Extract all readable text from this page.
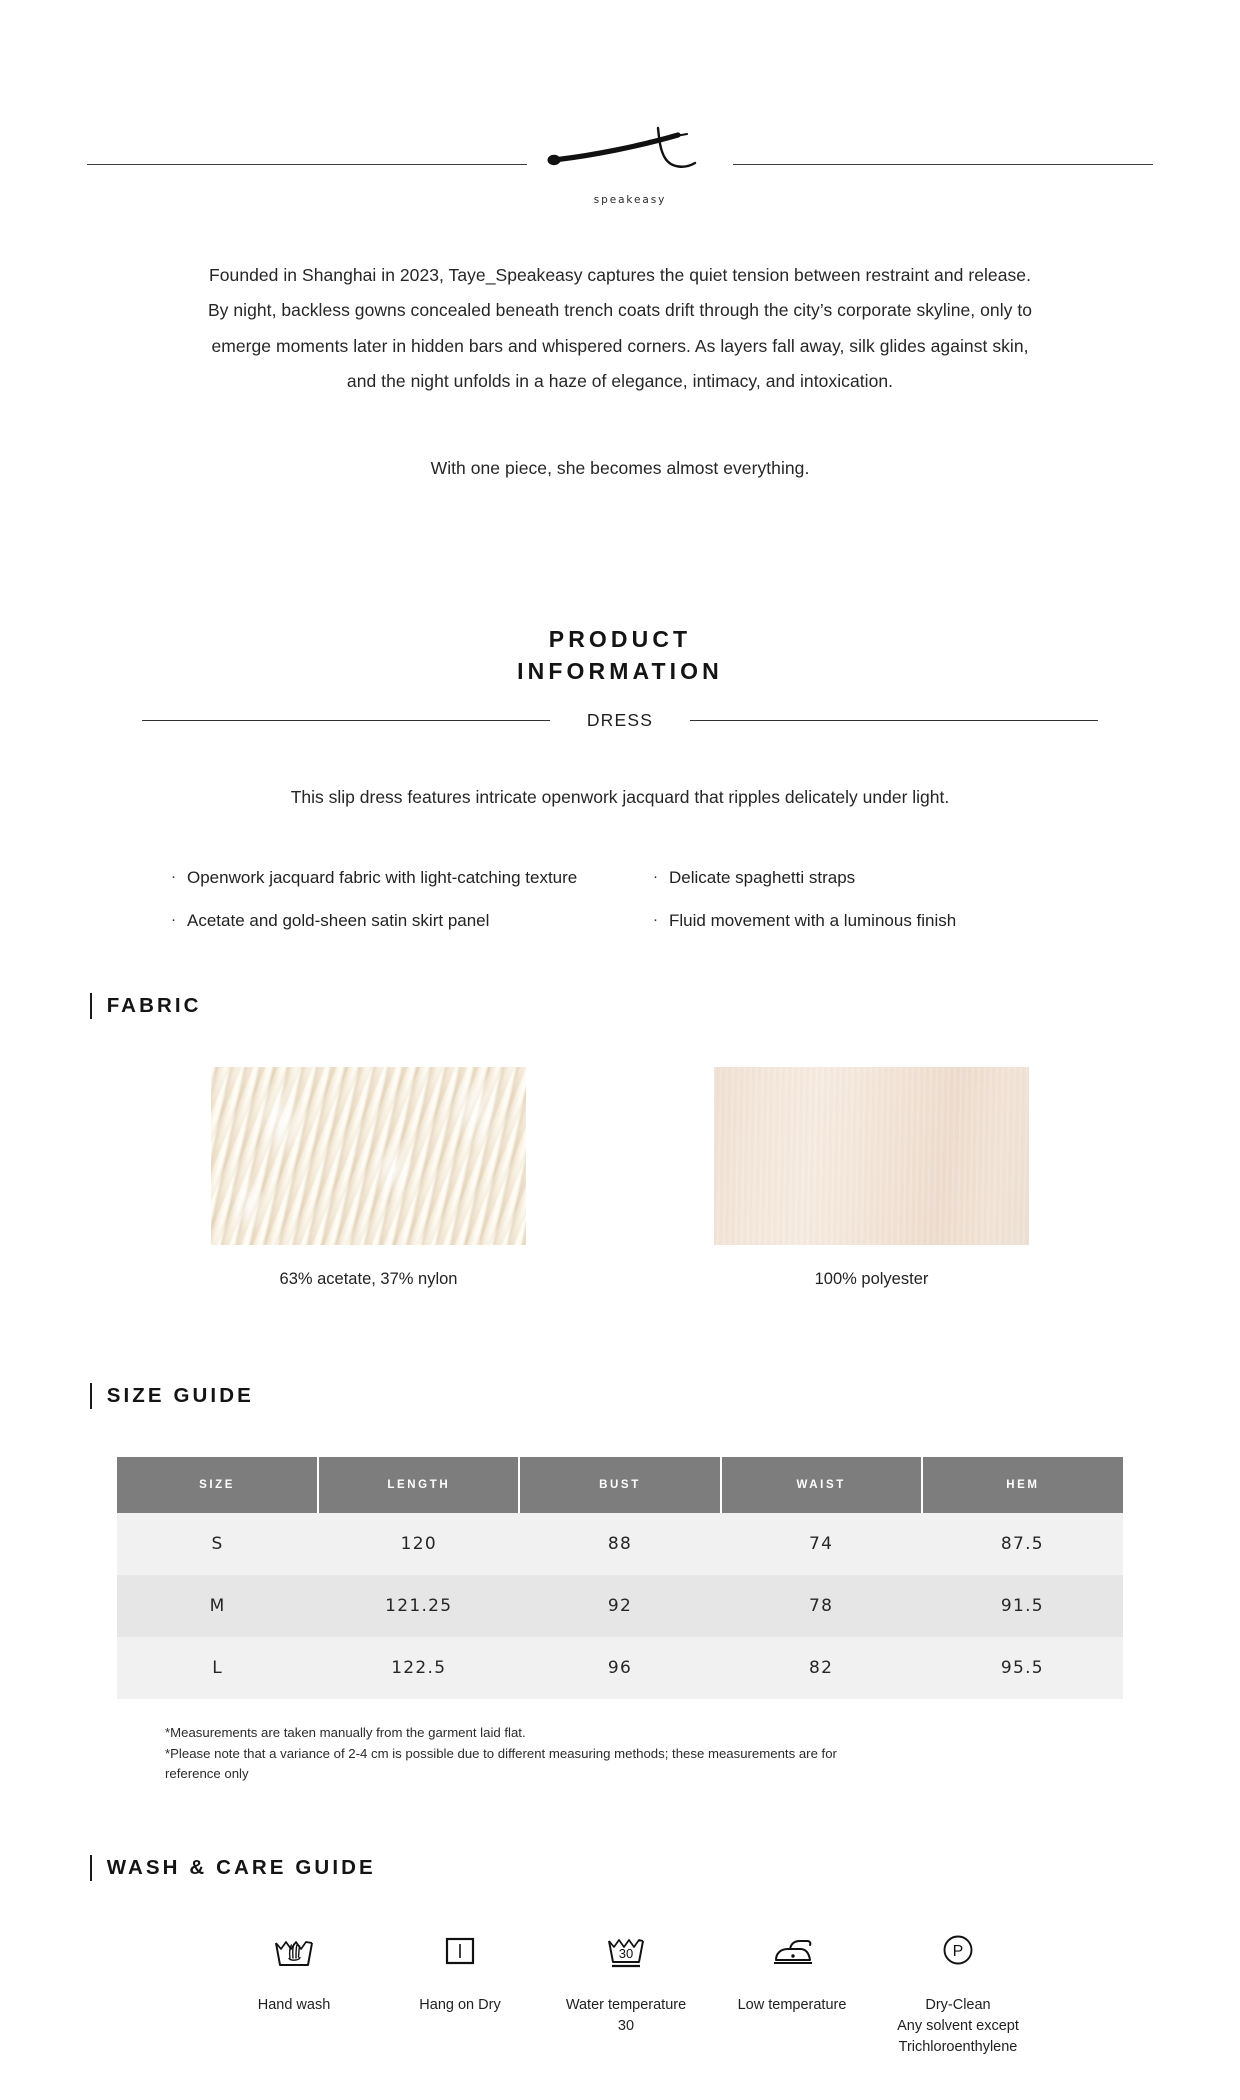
speakeasy

Founded in Shanghai in 2023, Taye_Speakeasy captures the quiet tension between restraint and release.

By night, backless gowns concealed beneath trench coats drift through the city’s corporate skyline, only to

emerge moments later in hidden bars and whispered corners. As layers fall away, silk glides against skin,

and the night unfolds in a haze of elegance, intimacy, and intoxication.

With one piece, she becomes almost everything.

PRODUCT
INFORMATION
DRESS
This slip dress features intricate openwork jacquard that ripples delicately under light.
· Openwork jacquard fabric with light-catching texture	· Delicate spaghetti straps
· Acetate and gold-sheen satin skirt panel	· Fluid movement with a luminous finish
FABRIC
63% acetate, 37% nylon	100% polyester
SIZE GUIDE
SIZE	LENGTH	BUST	WAIST	HEM
S	120	88	74	87.5
M	121.25	92	78	91.5
L	122.5	96	82	95.5
*Measurements are taken manually from the garment laid flat.
*Please note that a variance of 2-4 cm is possible due to different measuring methods; these measurements are for
reference only
WASH & CARE GUIDE
Hand wash	Hang on Dry
30
Water temperature
30
Low temperature
P
Dry-Clean
Any solvent except
Trichloroenthylene
